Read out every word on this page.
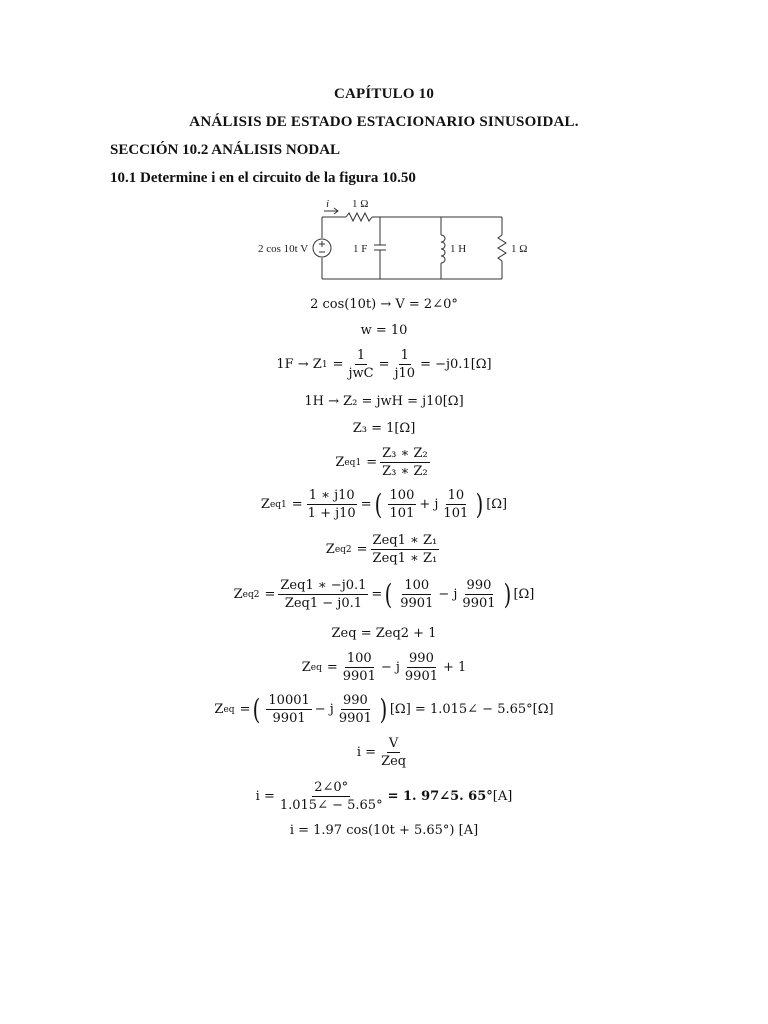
CAPÍTULO 10
ANÁLISIS DE ESTADO ESTACIONARIO SINUSOIDAL.
SECCIÓN 10.2 ANÁLISIS NODAL
10.1 Determine i en el circuito de la figura 10.50
i 1 Ω
2 cos 10t V	1 F	1 H	1 Ω
2 cos(10t) → V = 2∠0°
w = 10
1F → Z $1 = \frac{1}{\text{jwC}} = \frac{1}{j10} = -j0.1[\Omega]$
1H → Z₂ = jwH = j10[Ω]
Z₃ = 1[Ω]
Z $eq1 = \frac{\text{Z₃ ∗ Z₂}}{\text{Z₃ ∗ Z₂}}$
Z $eq1 = \frac{1 ∗ j10}{1 + j10}$ = ( $\frac{100}{101} + j \frac{10}{101}$ ) [Ω]
Z $eq2 = \frac{\text{Zeq1 ∗ Z₁}}{\text{Zeq1 ∗ Z₁}}$
Z $eq2 = \frac{\text{Zeq1 ∗ −j0.1}}{\text{Zeq1 − j0.1}}$ = ( $\frac{100}{9901} - j \frac{990}{9901}$ ) [Ω]
Zeq = Zeq2 + 1
Z eq = $\frac{100}{9901} - j \frac{990}{9901} + 1$
Z eq = ( $\frac{10001}{9901} - j \frac{990}{9901}$ ) [Ω] = 1.015∠ − 5.65°[Ω]
$i = \frac{V}{\text{Zeq}}$
$i = \frac{2\angle 0^\circ}{1.015\angle - 5.65^\circ} = 1$. 97∠5. 65° [A]
i = 1.97 cos(10t + 5.65°) [A]
